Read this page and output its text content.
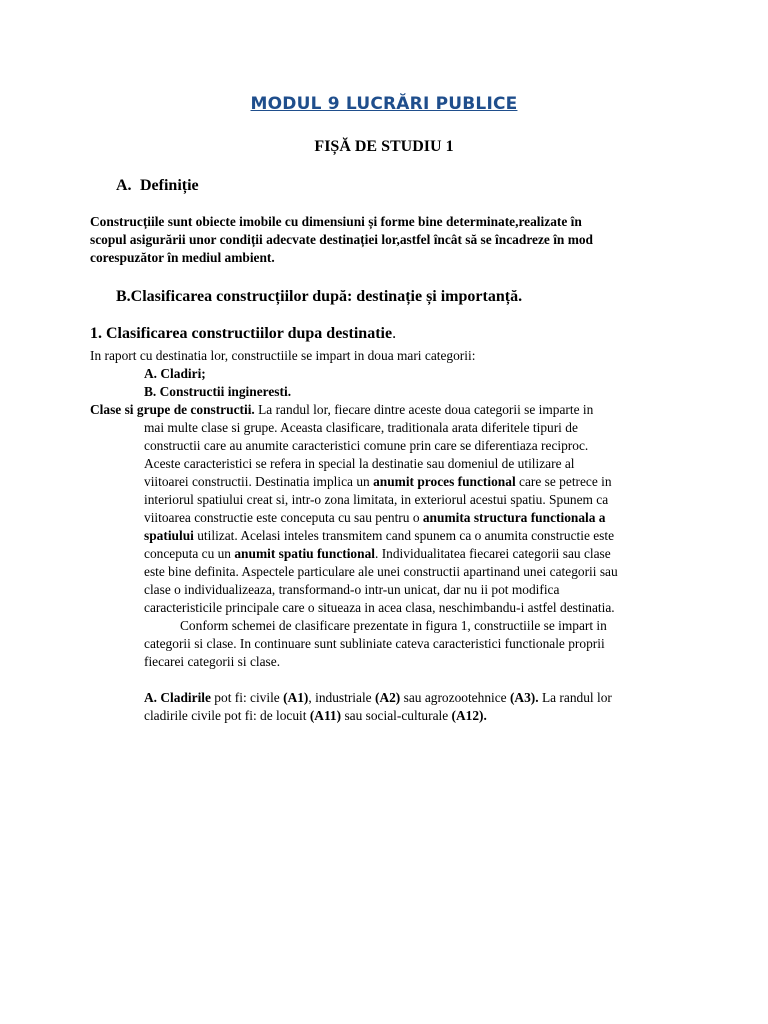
MODUL 9 LUCRĂRI PUBLICE
FIȘĂ DE STUDIU 1
A. Definiție
Construcțiile sunt obiecte imobile cu dimensiuni și forme bine determinate,realizate în
scopul asigurării unor condiții adecvate destinației lor,astfel încât să se încadreze în mod
corespuzător în mediul ambient.
B.Clasificarea construcțiilor după: destinație și importanță.
1. Clasificarea constructiilor dupa destinatie.
In raport cu destinatia lor, constructiile se impart in doua mari categorii:
A. Cladiri;
B. Constructii ingineresti.
Clase si grupe de constructii. La randul lor, fiecare dintre aceste doua categorii se imparte in
mai multe clase si grupe. Aceasta clasificare, traditionala arata diferitele tipuri de
constructii care au anumite caracteristici comune prin care se diferentiaza reciproc.
Aceste caracteristici se refera in special la destinatie sau domeniul de utilizare al
viitoarei constructii. Destinatia implica un anumit proces functional care se petrece in
interiorul spatiului creat si, intr-o zona limitata, in exteriorul acestui spatiu. Spunem ca
viitoarea constructie este conceputa cu sau pentru o anumita structura functionala a
spatiului utilizat. Acelasi inteles transmitem cand spunem ca o anumita constructie este
conceputa cu un anumit spatiu functional. Individualitatea fiecarei categorii sau clase
este bine definita. Aspectele particulare ale unei constructii apartinand unei categorii sau
clase o individualizeaza, transformand-o intr-un unicat, dar nu ii pot modifica
caracteristicile principale care o situeaza in acea clasa, neschimbandu-i astfel destinatia.
Conform schemei de clasificare prezentate in figura 1, constructiile se impart in
categorii si clase. In continuare sunt subliniate cateva caracteristici functionale proprii
fiecarei categorii si clase.
A. Cladirile pot fi: civile (A1), industriale (A2) sau agrozootehnice (A3). La randul lor
cladirile civile pot fi: de locuit (A11) sau social-culturale (A12).
